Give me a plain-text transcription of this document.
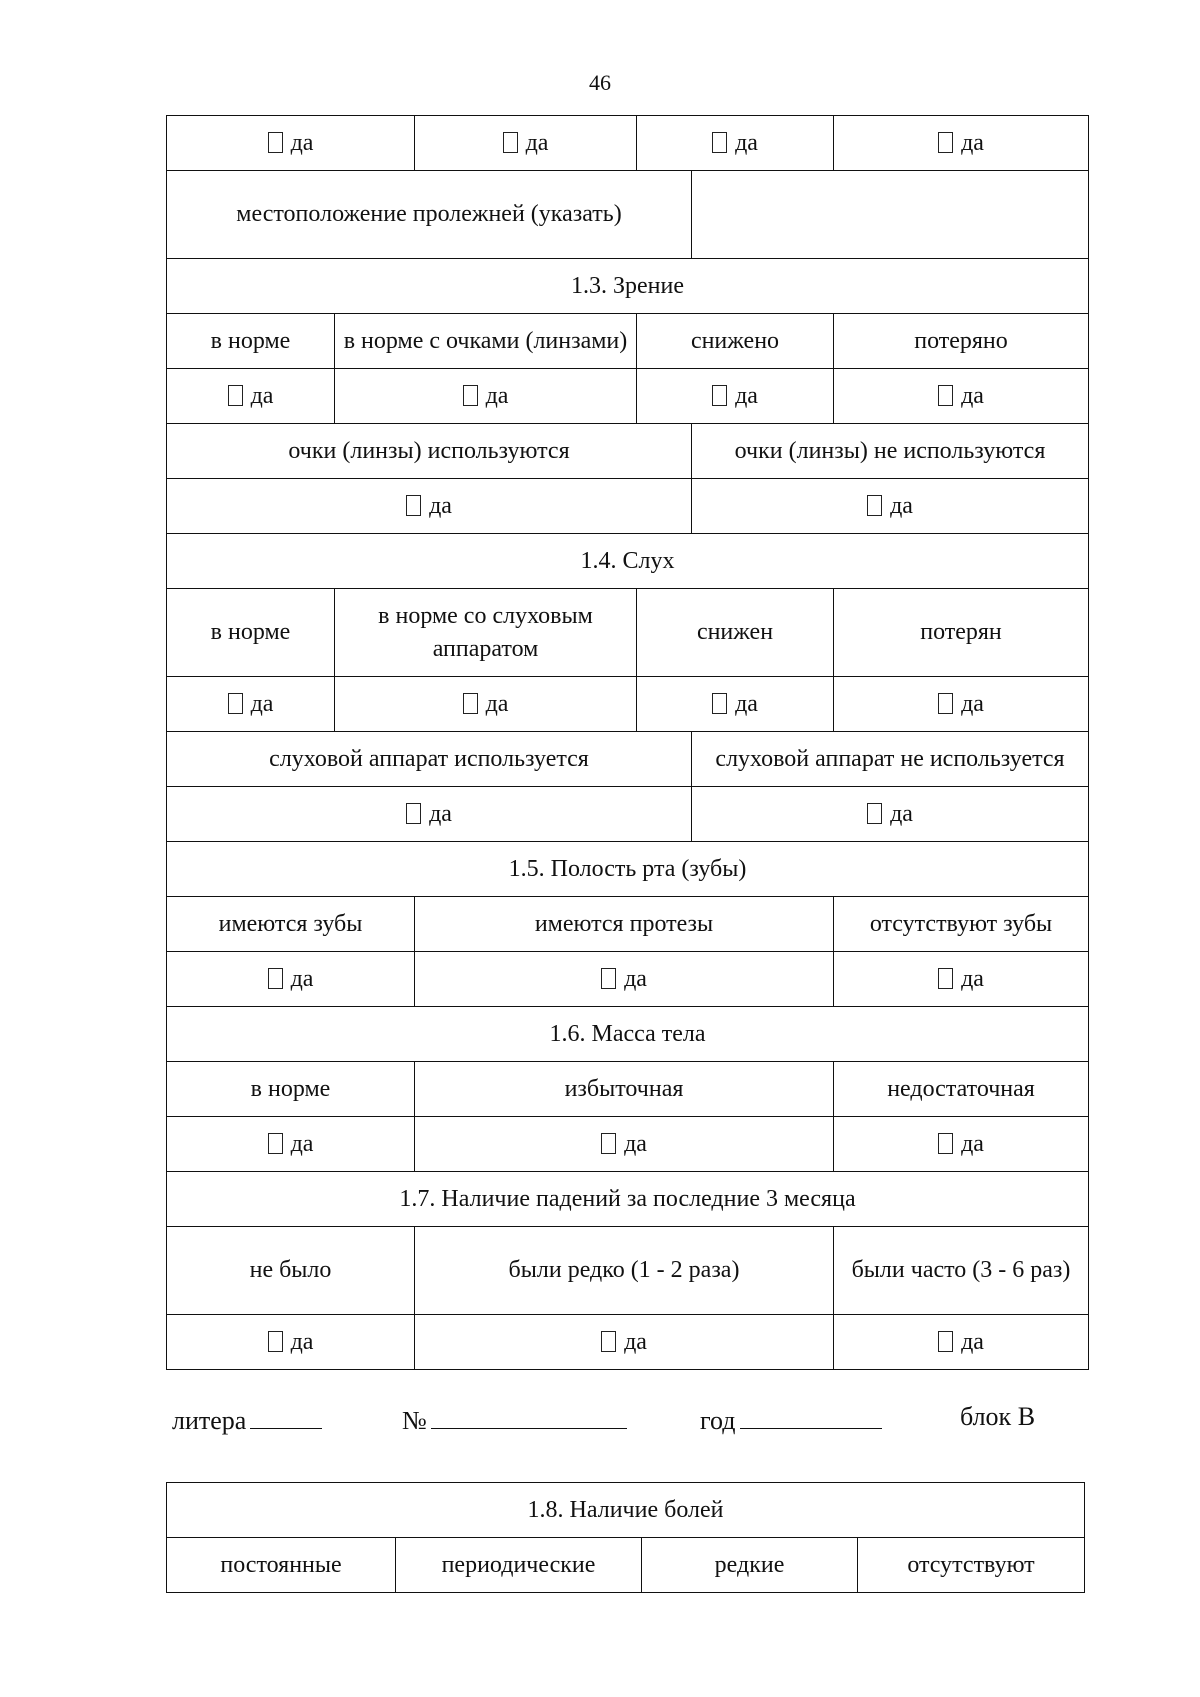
46
да		да	да		да
местоположение пролежней (указать)					
1.3. Зрение					
в норме	в норме с очками (линзами)		снижено		потеряно
да	да		да		да
очки (линзы) используются				очки (линзы) не используются	
да				да	
1.4. Слух					
в норме	в норме со слуховым аппаратом		снижен		потерян
да	да		да		да
слуховой аппарат используется				слуховой аппарат не используется	
да				да	
1.5. Полость рта (зубы)					
имеются зубы		имеются протезы			отсутствуют зубы
да		да			да
1.6. Масса тела					
в норме		избыточная			недостаточная
да		да			да
1.7. Наличие падений за последние 3 месяца					
не было		были редко (1 - 2 раза)			были часто (3 - 6 раз)
да		да			да
литера	№	год	блок В
1.8. Наличие болей
постоянные	периодические	редкие	отсутствуют
